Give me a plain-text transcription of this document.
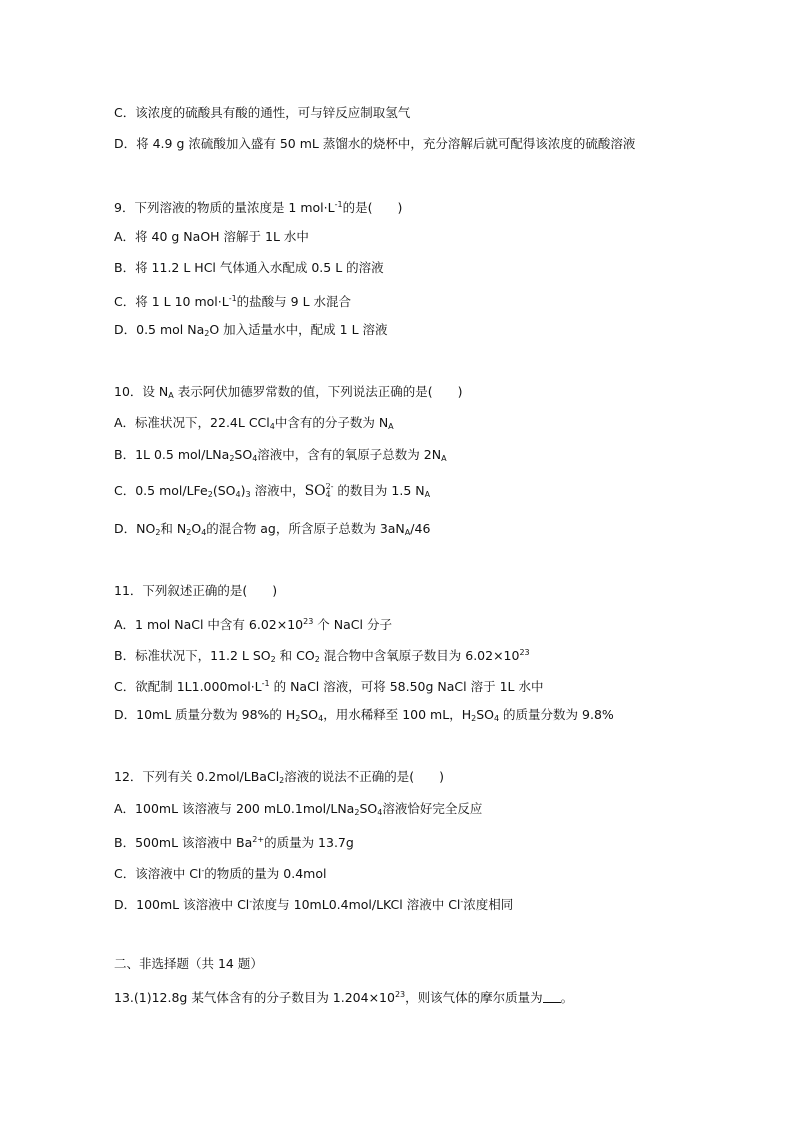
C．该浓度的硫酸具有酸的通性，可与锌反应制取氢气
D．将 4.9 g 浓硫酸加入盛有 50 mL 蒸馏水的烧杯中，充分溶解后就可配得该浓度的硫酸溶液
9．下列溶液的物质的量浓度是 1 $mol\cdot L^{-1}$的是(　　)
A．将 40 g NaOH 溶解于 1L 水中
B．将 11.2 L HCl 气体通入水配成 0.5 L 的溶液
C．将 1 L 10 $mol\cdot L^{-1}$的盐酸与 9 L 水混合
D．0.5 mol $Na_2O$ 加入适量水中，配成 1 L 溶液
10．设 $N_A$ 表示阿伏加德罗常数的值，下列说法正确的是(　　)
A．标准状况下，22.4L CCl$_4$中含有的分子数为 $N_A$
B．1L 0.5 mol/$LNa_2SO_4$溶液中，含有的氧原子总数为 $2N_A$
C．0.5 mol/$LFe_2(SO_4)_3$ 溶液中，SO 2-
4 的数目为 1.5 $N_A$
D．$NO_2$和 $N_2O_4$的混合物 ag，所含原子总数为 $3aN_A/46$
11．下列叙述正确的是(　　)
A．1 mol NaCl 中含有 $6.02\times 10^{23}$ 个 NaCl 分子
B．标准状况下，11.2 L $SO_2$ 和 $CO_2$ 混合物中含氧原子数目为 $6.02\times 10^{23}$
C．欲配制 $1L1.000mol\cdot L^{-1}$ 的 NaCl 溶液，可将 58.50g NaCl 溶于 1L 水中
D．10mL 质量分数为 98%的 $H_2SO_4$，用水稀释至 100 mL，$H_2SO_4$ 的质量分数为 9.8%
12．下列有关 0.2mol/LBaCl$_2$溶液的说法不正确的是(　　)
A．100mL 该溶液与 200 $mL0.1mol/LNa_2SO_4$溶液恰好完全反应
B．500mL 该溶液中 $Ba^{2+}$的质量为 13.7g
C．该溶液中 Cl-的物质的量为 0.4mol
D．100mL 该溶液中 Cl-浓度与 10mL0.4mol/LKCl 溶液中 Cl-浓度相同
二、非选择题（共 14 题）
13.(1)12.8g 某气体含有的分子数目为 $1.204\times 10^{23}$，则该气体的摩尔质量为 。
